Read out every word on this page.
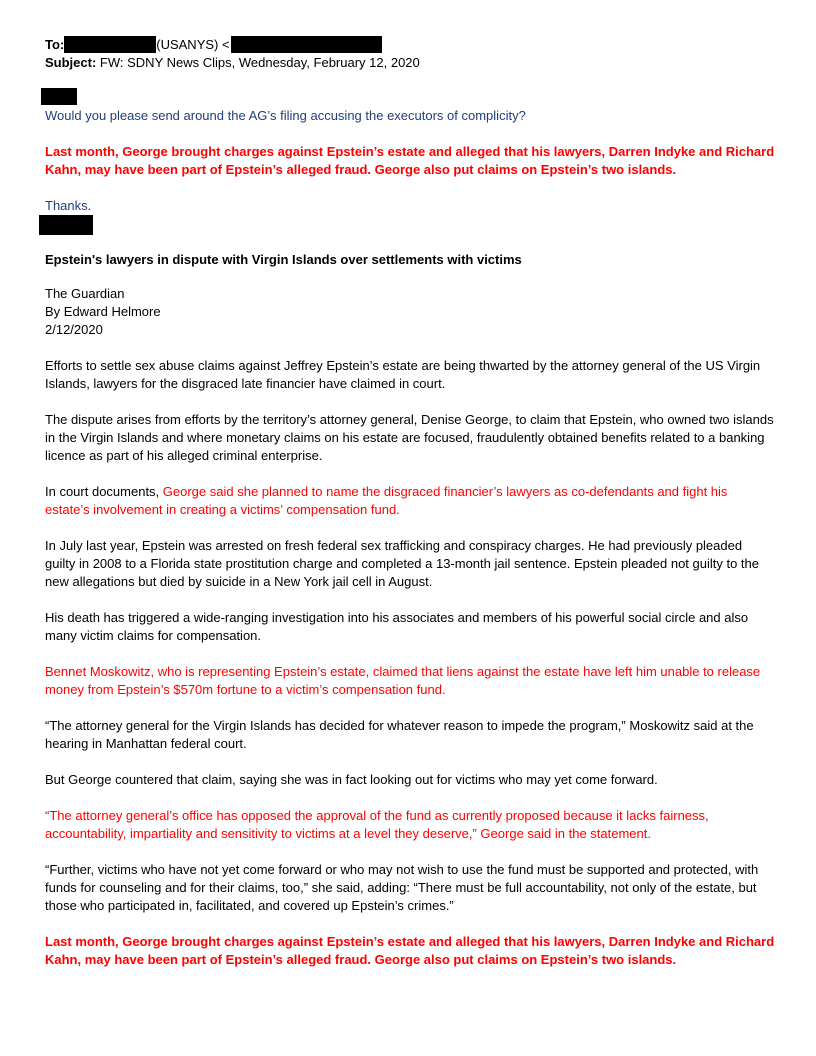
To:	(USANYS) <
Subject: FW: SDNY News Clips, Wednesday, February 12, 2020

Would you please send around the AG’s filing accusing the executors of complicity?

Last month, George brought charges against Epstein’s estate and alleged that his lawyers, Darren Indyke and Richard Kahn, may have been part of Epstein’s alleged fraud. George also put claims on Epstein’s two islands.

Thanks.

Epstein's lawyers in dispute with Virgin Islands over settlements with victims

The Guardian

By Edward Helmore

2/12/2020

Efforts to settle sex abuse claims against Jeffrey Epstein’s estate are being thwarted by the attorney general of the US Virgin Islands, lawyers for the disgraced late financier have claimed in court.

The dispute arises from efforts by the territory’s attorney general, Denise George, to claim that Epstein, who owned two islands in the Virgin Islands and where monetary claims on his estate are focused, fraudulently obtained benefits related to a banking licence as part of his alleged criminal enterprise.

In court documents, George said she planned to name the disgraced financier’s lawyers as co-defendants and fight his estate’s involvement in creating a victims’ compensation fund.

In July last year, Epstein was arrested on fresh federal sex trafficking and conspiracy charges. He had previously pleaded guilty in 2008 to a Florida state prostitution charge and completed a 13-month jail sentence. Epstein pleaded not guilty to the new allegations but died by suicide in a New York jail cell in August.

His death has triggered a wide-ranging investigation into his associates and members of his powerful social circle and also many victim claims for compensation.

Bennet Moskowitz, who is representing Epstein’s estate, claimed that liens against the estate have left him unable to release money from Epstein’s $570m fortune to a victim’s compensation fund.

“The attorney general for the Virgin Islands has decided for whatever reason to impede the program,” Moskowitz said at the hearing in Manhattan federal court.

But George countered that claim, saying she was in fact looking out for victims who may yet come forward.

“The attorney general’s office has opposed the approval of the fund as currently proposed because it lacks fairness, accountability, impartiality and sensitivity to victims at a level they deserve,” George said in the statement.

“Further, victims who have not yet come forward or who may not wish to use the fund must be supported and protected, with funds for counseling and for their claims, too,” she said, adding: “There must be full accountability, not only of the estate, but those who participated in, facilitated, and covered up Epstein’s crimes.”

Last month, George brought charges against Epstein’s estate and alleged that his lawyers, Darren Indyke and Richard Kahn, may have been part of Epstein’s alleged fraud. George also put claims on Epstein’s two islands.
